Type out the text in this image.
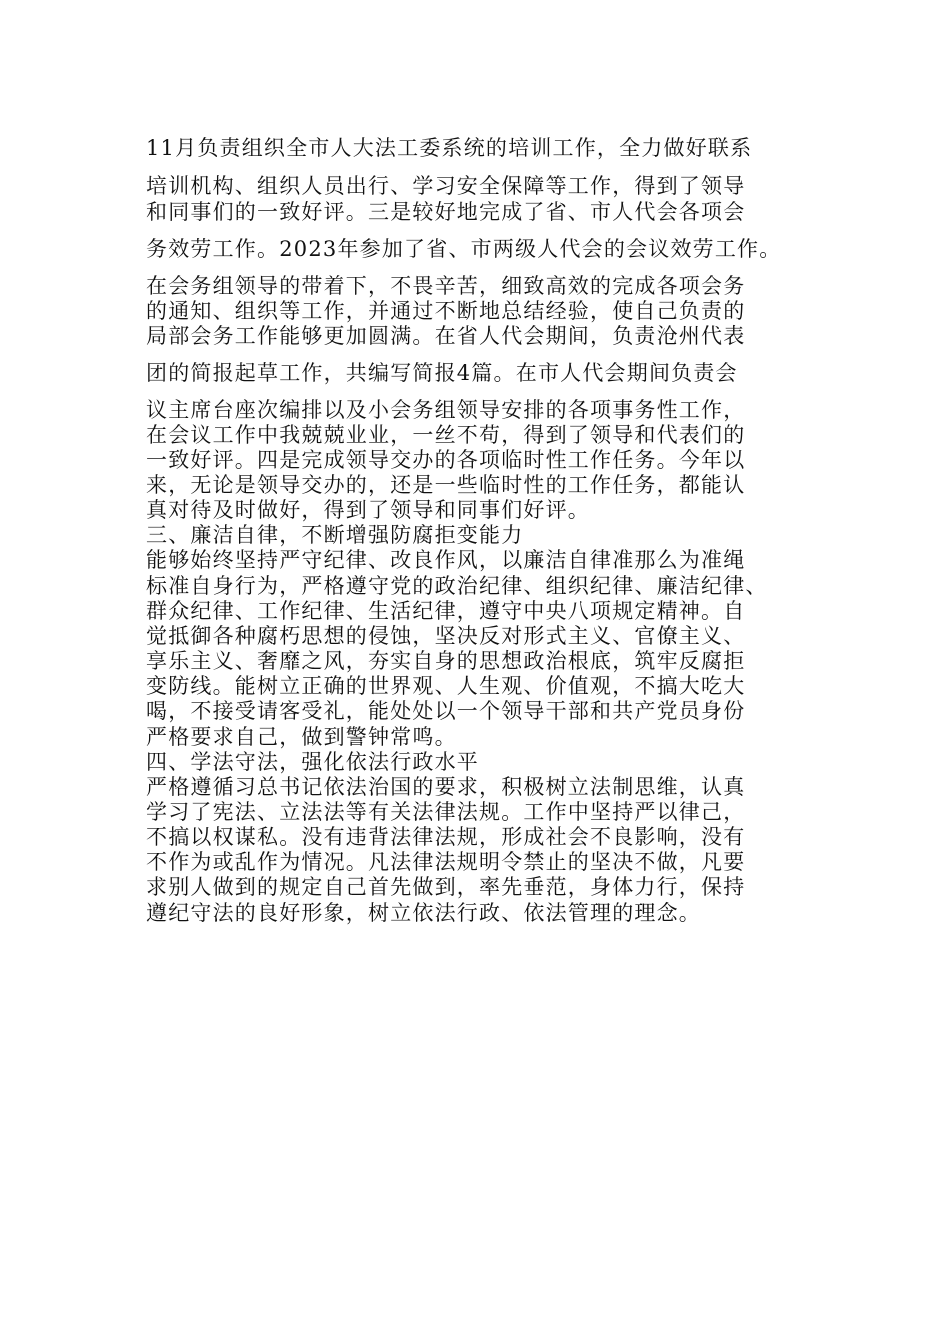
11月负责组织全市人大法工委系统的培训工作，全力做好联系
培训机构、组织人员出行、学习安全保障等工作，得到了领导
和同事们的一致好评。三是较好地完成了省、市人代会各项会
务效劳工作。2023年参加了省、市两级人代会的会议效劳工作。
在会务组领导的带着下，不畏辛苦，细致高效的完成各项会务
的通知、组织等工作，并通过不断地总结经验，使自己负责的
局部会务工作能够更加圆满。在省人代会期间，负责沧州代表
团的简报起草工作，共编写简报4篇。在市人代会期间负责会
议主席台座次编排以及小会务组领导安排的各项事务性工作，
在会议工作中我兢兢业业，一丝不苟，得到了领导和代表们的
一致好评。四是完成领导交办的各项临时性工作任务。今年以
来，无论是领导交办的，还是一些临时性的工作任务，都能认
真对待及时做好，得到了领导和同事们好评。
三、廉洁自律，不断增强防腐拒变能力
能够始终坚持严守纪律、改良作风，以廉洁自律准那么为准绳
标准自身行为，严格遵守党的政治纪律、组织纪律、廉洁纪律、
群众纪律、工作纪律、生活纪律，遵守中央八项规定精神。自
觉抵御各种腐朽思想的侵蚀，坚决反对形式主义、官僚主义、
享乐主义、奢靡之风，夯实自身的思想政治根底，筑牢反腐拒
变防线。能树立正确的世界观、人生观、价值观，不搞大吃大
喝，不接受请客受礼，能处处以一个领导干部和共产党员身份
严格要求自己，做到警钟常鸣。
四、学法守法，强化依法行政水平
严格遵循习总书记依法治国的要求，积极树立法制思维，认真
学习了宪法、立法法等有关法律法规。工作中坚持严以律己，
不搞以权谋私。没有违背法律法规，形成社会不良影响，没有
不作为或乱作为情况。凡法律法规明令禁止的坚决不做，凡要
求别人做到的规定自己首先做到，率先垂范，身体力行，保持
遵纪守法的良好形象，树立依法行政、依法管理的理念。
